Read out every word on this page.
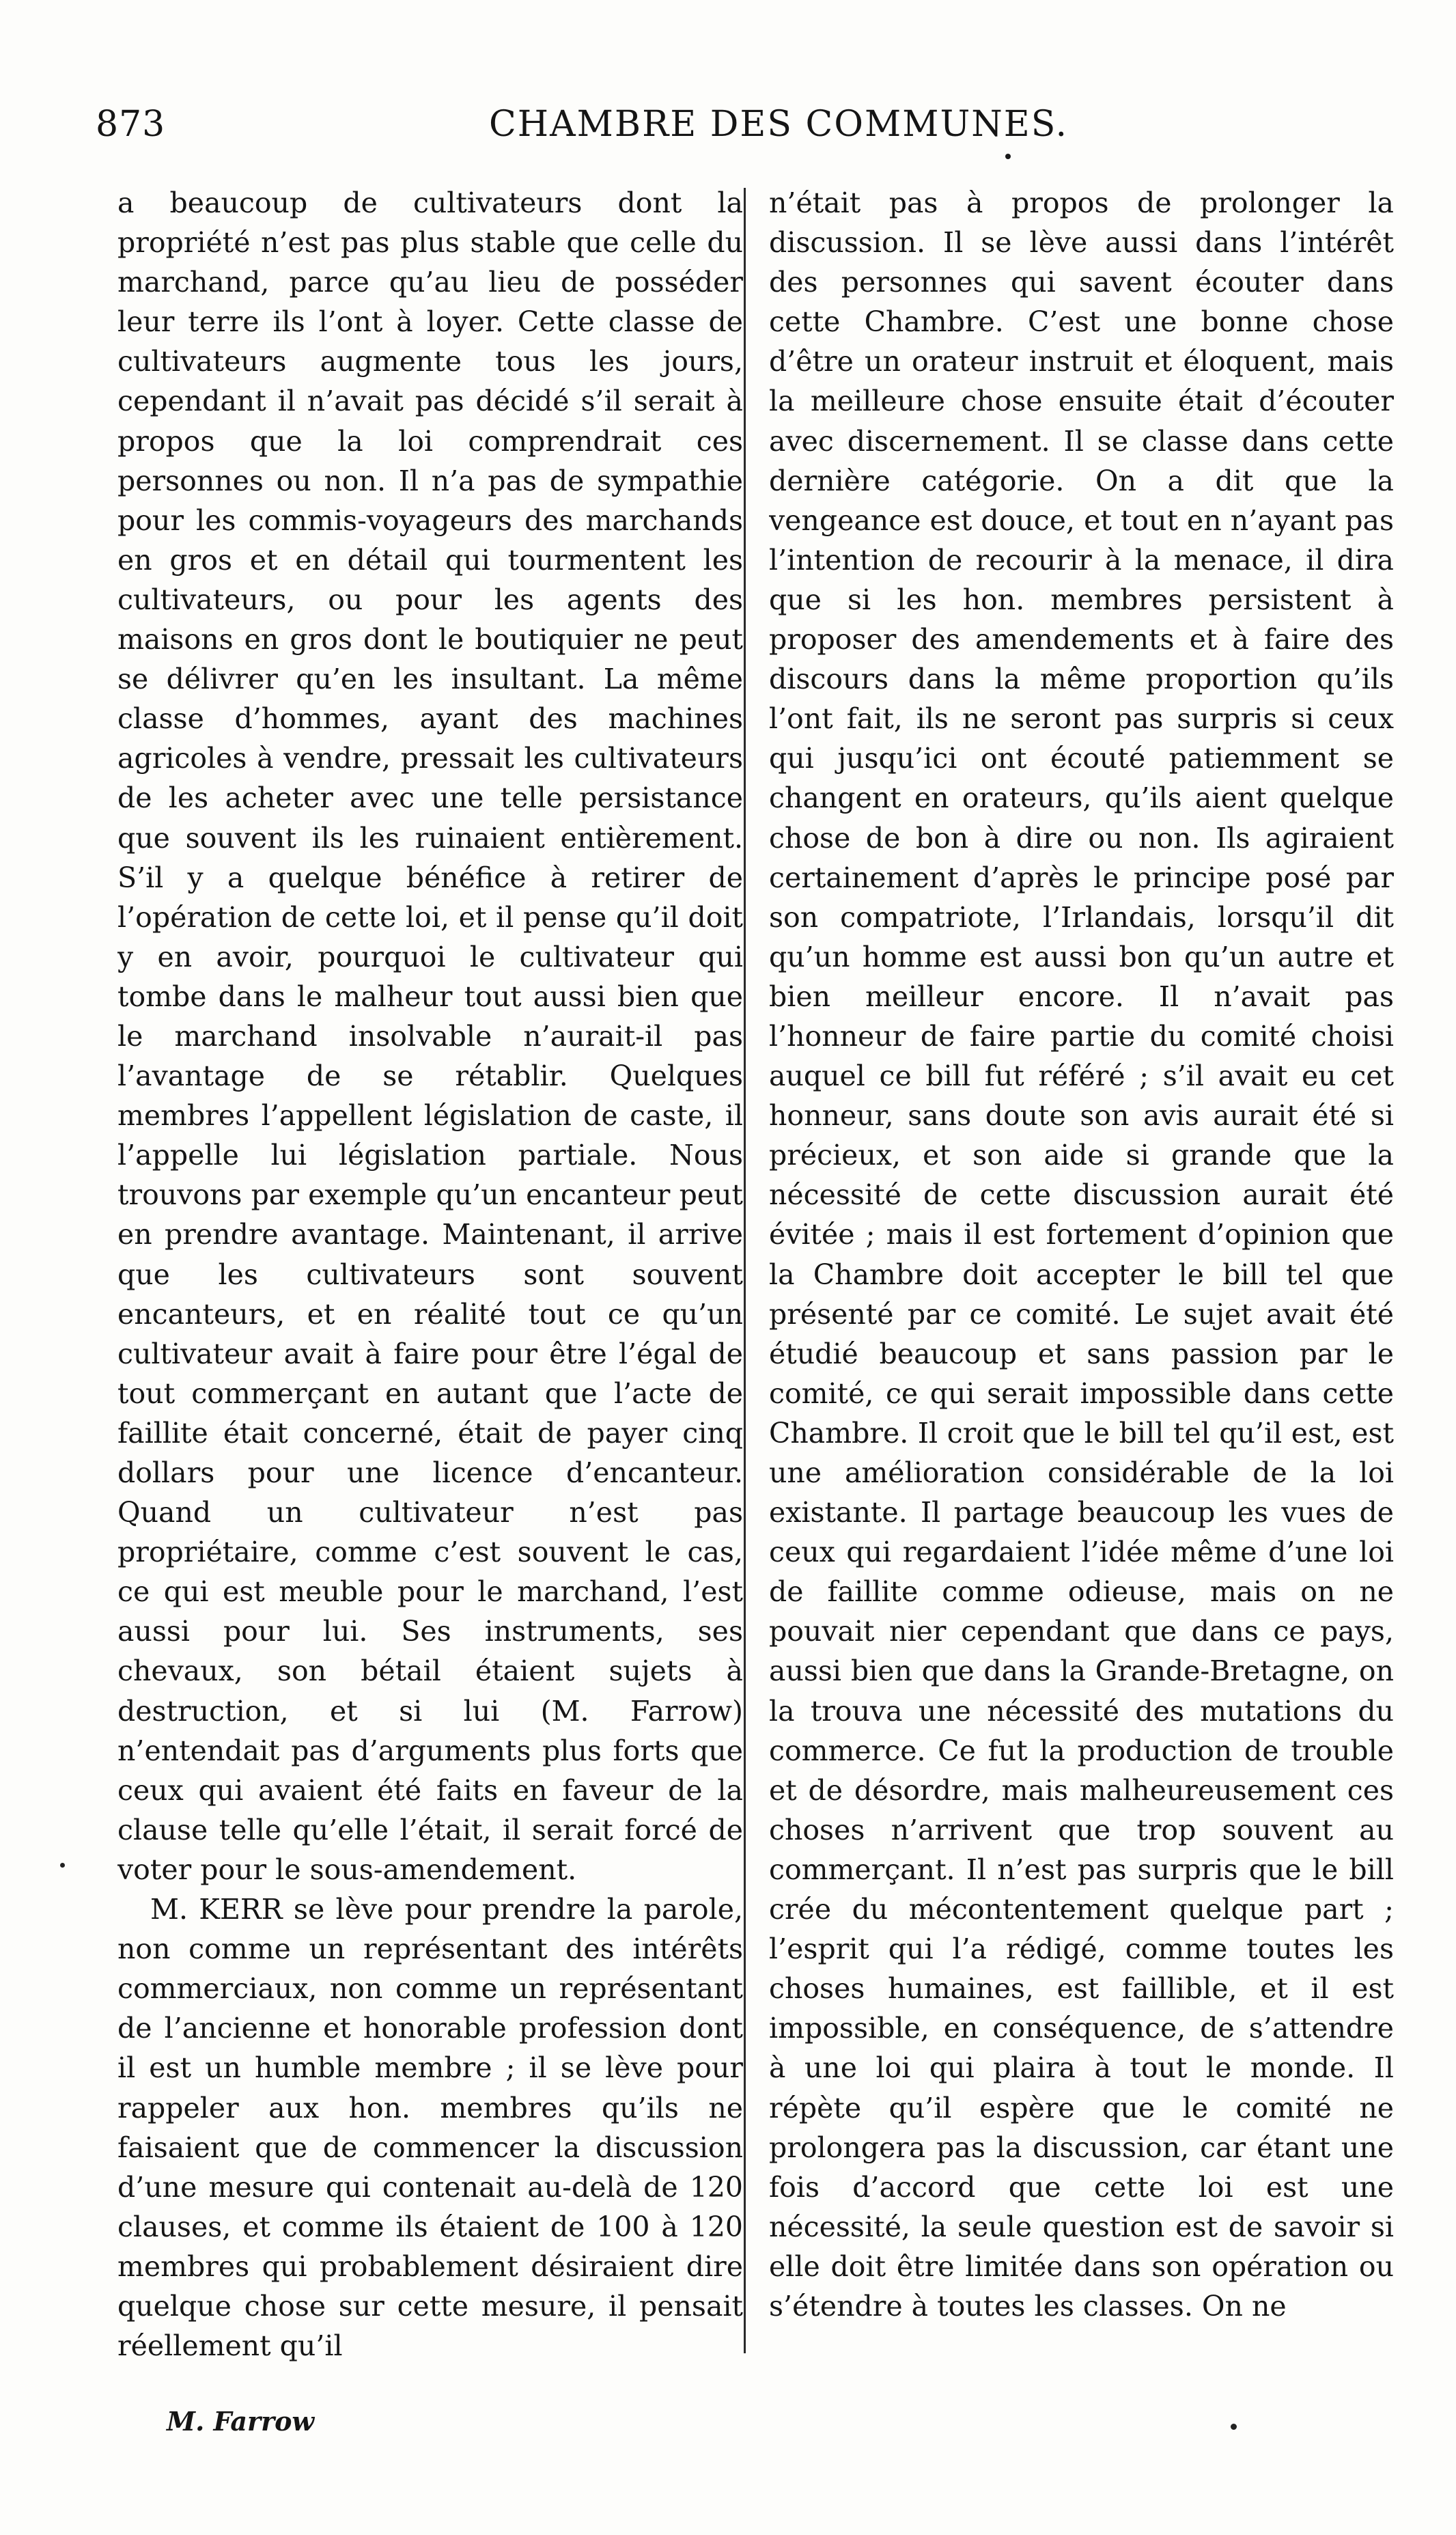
873	CHAMBRE DES COMMUNES.

a beaucoup de cultivateurs dont la propriété n’est pas plus stable que celle du marchand, parce qu’au lieu de posséder leur terre ils l’ont à loyer. Cette classe de cultivateurs augmente tous les jours, cependant il n’avait pas décidé s’il serait à propos que la loi comprendrait ces personnes ou non. Il n’a pas de sympathie pour les commis-voyageurs des marchands en gros et en détail qui tourmentent les cultivateurs, ou pour les agents des maisons en gros dont le boutiquier ne peut se délivrer qu’en les insultant. La même classe d’hommes, ayant des machines agricoles à vendre, pressait les cultivateurs de les acheter avec une telle persistance que souvent ils les ruinaient entièrement. S’il y a quelque bénéfice à retirer de l’opération de cette loi, et il pense qu’il doit y en avoir, pourquoi le cultivateur qui tombe dans le malheur tout aussi bien que le marchand insolvable n’aurait-il pas l’avantage de se rétablir. Quelques membres l’appellent législation de caste, il l’appelle lui législation partiale. Nous trouvons par exemple qu’un encanteur peut en prendre avantage. Maintenant, il arrive que les cultivateurs sont souvent encanteurs, et en réalité tout ce qu’un cultivateur avait à faire pour être l’égal de tout commerçant en autant que l’acte de faillite était concerné, était de payer cinq dollars pour une licence d’encanteur. Quand un cultivateur n’est pas propriétaire, comme c’est souvent le cas, ce qui est meuble pour le marchand, l’est aussi pour lui. Ses instruments, ses chevaux, son bétail étaient sujets à destruction, et si lui (M. Farrow) n’entendait pas d’arguments plus forts que ceux qui avaient été faits en faveur de la clause telle qu’elle l’était, il serait forcé de voter pour le sous-amendement.

M. KERR se lève pour prendre la parole, non comme un représentant des intérêts commerciaux, non comme un représentant de l’ancienne et honorable profession dont il est un humble membre ; il se lève pour rappeler aux hon. membres qu’ils ne faisaient que de commencer la discussion d’une mesure qui contenait au-delà de 120 clauses, et comme ils étaient de 100 à 120 membres qui probablement désiraient dire quelque chose sur cette mesure, il pensait réellement qu’il

n’était pas à propos de prolonger la discussion. Il se lève aussi dans l’intérêt des personnes qui savent écouter dans cette Chambre. C’est une bonne chose d’être un orateur instruit et éloquent, mais la meilleure chose ensuite était d’écouter avec discernement. Il se classe dans cette dernière catégorie. On a dit que la vengeance est douce, et tout en n’ayant pas l’intention de recourir à la menace, il dira que si les hon. membres persistent à proposer des amendements et à faire des discours dans la même proportion qu’ils l’ont fait, ils ne seront pas surpris si ceux qui jusqu’ici ont écouté patiemment se changent en orateurs, qu’ils aient quelque chose de bon à dire ou non. Ils agiraient certainement d’après le principe posé par son compatriote, l’Irlandais, lorsqu’il dit qu’un homme est aussi bon qu’un autre et bien meilleur encore. Il n’avait pas l’honneur de faire partie du comité choisi auquel ce bill fut référé ; s’il avait eu cet honneur, sans doute son avis aurait été si précieux, et son aide si grande que la nécessité de cette discussion aurait été évitée ; mais il est fortement d’opinion que la Chambre doit accepter le bill tel que présenté par ce comité. Le sujet avait été étudié beaucoup et sans passion par le comité, ce qui serait impossible dans cette Chambre. Il croit que le bill tel qu’il est, est une amélioration considérable de la loi existante. Il partage beaucoup les vues de ceux qui regardaient l’idée même d’une loi de faillite comme odieuse, mais on ne pouvait nier cependant que dans ce pays, aussi bien que dans la Grande-Bretagne, on la trouva une nécessité des mutations du commerce. Ce fut la production de trouble et de désordre, mais malheureusement ces choses n’arrivent que trop souvent au commerçant. Il n’est pas surpris que le bill crée du mécontentement quelque part ; l’esprit qui l’a rédigé, comme toutes les choses humaines, est faillible, et il est impossible, en conséquence, de s’attendre à une loi qui plaira à tout le monde. Il répète qu’il espère que le comité ne prolongera pas la discussion, car étant une fois d’accord que cette loi est une nécessité, la seule question est de savoir si elle doit être limitée dans son opération ou s’étendre à toutes les classes. On ne

M. Farrow
